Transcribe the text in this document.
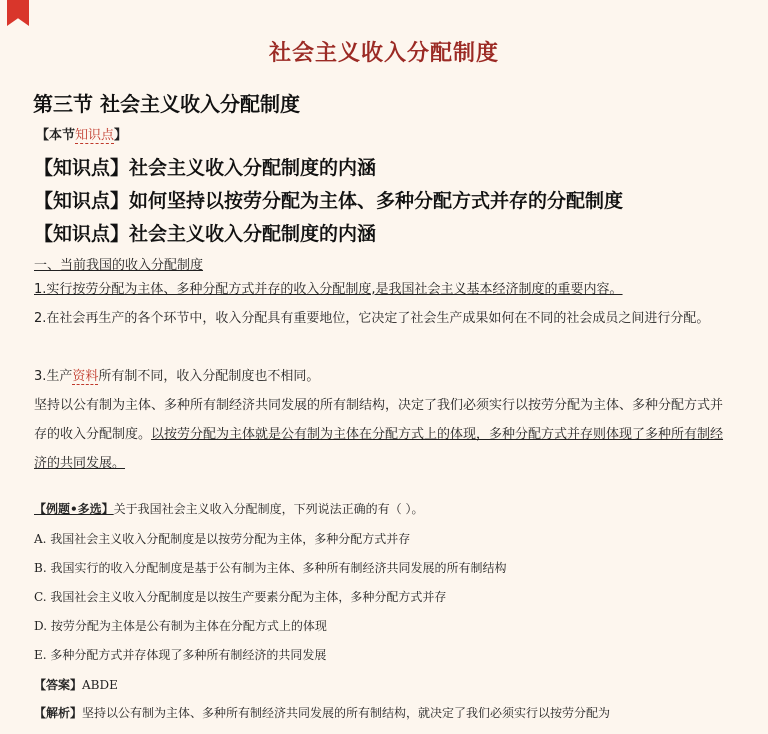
社会主义收入分配制度
第三节 社会主义收入分配制度
【本节知识点】
【知识点】社会主义收入分配制度的内涵
【知识点】如何坚持以按劳分配为主体、多种分配方式并存的分配制度
【知识点】社会主义收入分配制度的内涵
一、当前我国的收入分配制度
1.实行按劳分配为主体、多种分配方式并存的收入分配制度,是我国社会主义基本经济制度的重要内容。
2.在社会再生产的各个环节中，收入分配具有重要地位，它决定了社会生产成果如何在不同的社会成员之间进行分配。
3.生产资料所有制不同，收入分配制度也不相同。
坚持以公有制为主体、多种所有制经济共同发展的所有制结构，决定了我们必须实行以按劳分配为主体、多种分配方式并存的收入分配制度。以按劳分配为主体就是公有制为主体在分配方式上的体现，多种分配方式并存则体现了多种所有制经济的共同发展。
【例题•多选】关于我国社会主义收入分配制度，下列说法正确的有（ ）。
A. 我国社会主义收入分配制度是以按劳分配为主体，多种分配方式并存
B. 我国实行的收入分配制度是基于公有制为主体、多种所有制经济共同发展的所有制结构
C. 我国社会主义收入分配制度是以按生产要素分配为主体，多种分配方式并存
D. 按劳分配为主体是公有制为主体在分配方式上的体现
E. 多种分配方式并存体现了多种所有制经济的共同发展
【答案】ABDE
【解析】坚持以公有制为主体、多种所有制经济共同发展的所有制结构，就决定了我们必须实行以按劳分配为
